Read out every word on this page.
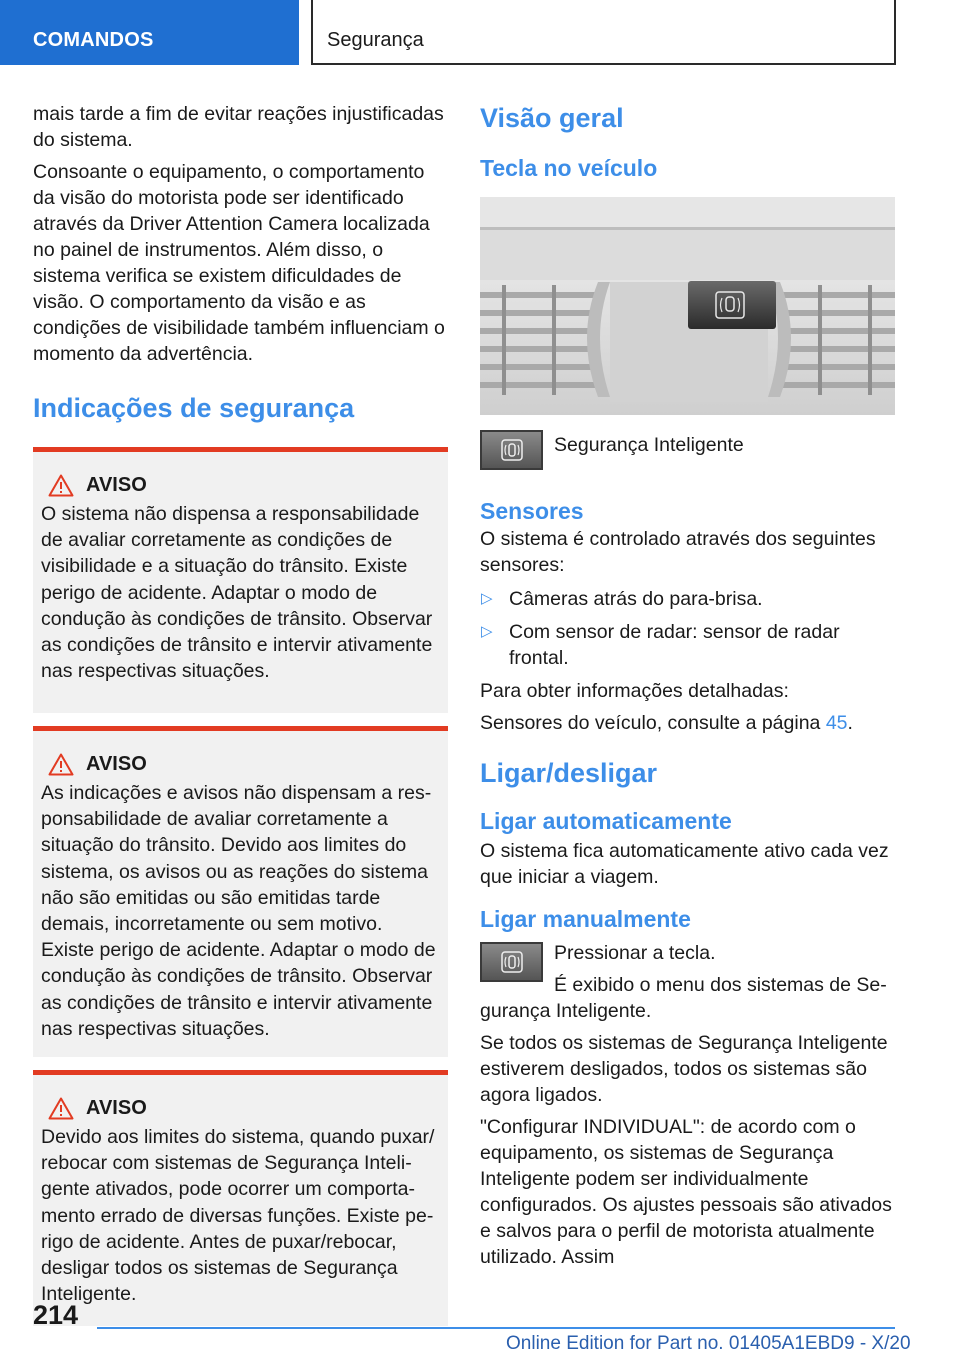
COMANDOS	Segurança

mais tarde a fim de evitar reações injustificadas do sistema.

Consoante o equipamento, o comportamento da visão do motorista pode ser identificado através da Driver Attention Camera localizada no painel de instrumentos. Além disso, o sistema verifica se existem dificuldades de visão. O comportamento da visão e as condições de visibilidade também influenciam o momento da advertência.

Indicações de segurança
AVISO

O sistema não dispensa a responsabilidade de avaliar corretamente as condições de visibilidade e a situação do trânsito. Existe perigo de acidente. Adaptar o modo de condução às condições de trânsito. Observar as condições de trânsito e intervir ativamente nas respectivas situações.

AVISO

As indicações e avisos não dispensam a responsabilidade de avaliar corretamente a situação do trânsito. Devido aos limites do sistema, os avisos ou as reações do sistema não são emitidas ou são emitidas tarde demais, incorretamente ou sem motivo. Existe perigo de acidente. Adaptar o modo de condução às condições de trânsito. Observar as condições de trânsito e intervir ativamente nas respectivas situações.

AVISO

Devido aos limites do sistema, quando puxar/ rebocar com sistemas de Segurança Inteligente ativados, pode ocorrer um comportamento errado de diversas funções. Existe perigo de acidente. Antes de puxar/rebocar, desligar todos os sistemas de Segurança Inteligente.

Visão geral
Tecla no veículo

Segurança Inteligente

Sensores

O sistema é controlado através dos seguintes sensores:

▷ Câmeras atrás do para-brisa.
▷ Com sensor de radar: sensor de radar frontal.

Para obter informações detalhadas:

Sensores do veículo, consulte a página 45.

Ligar/desligar
Ligar automaticamente

O sistema fica automaticamente ativo cada vez que iniciar a viagem.

Ligar manualmente

Pressionar a tecla.

É exibido o menu dos sistemas de Segurança Inteligente.

Se todos os sistemas de Segurança Inteligente estiverem desligados, todos os sistemas são agora ligados.

"Configurar INDIVIDUAL": de acordo com o equipamento, os sistemas de Segurança Inteligente podem ser individualmente configurados. Os ajustes pessoais são ativados e salvos para o perfil de motorista atualmente utilizado. Assim

214
Online Edition for Part no. 01405A1EBD9 - X/20
